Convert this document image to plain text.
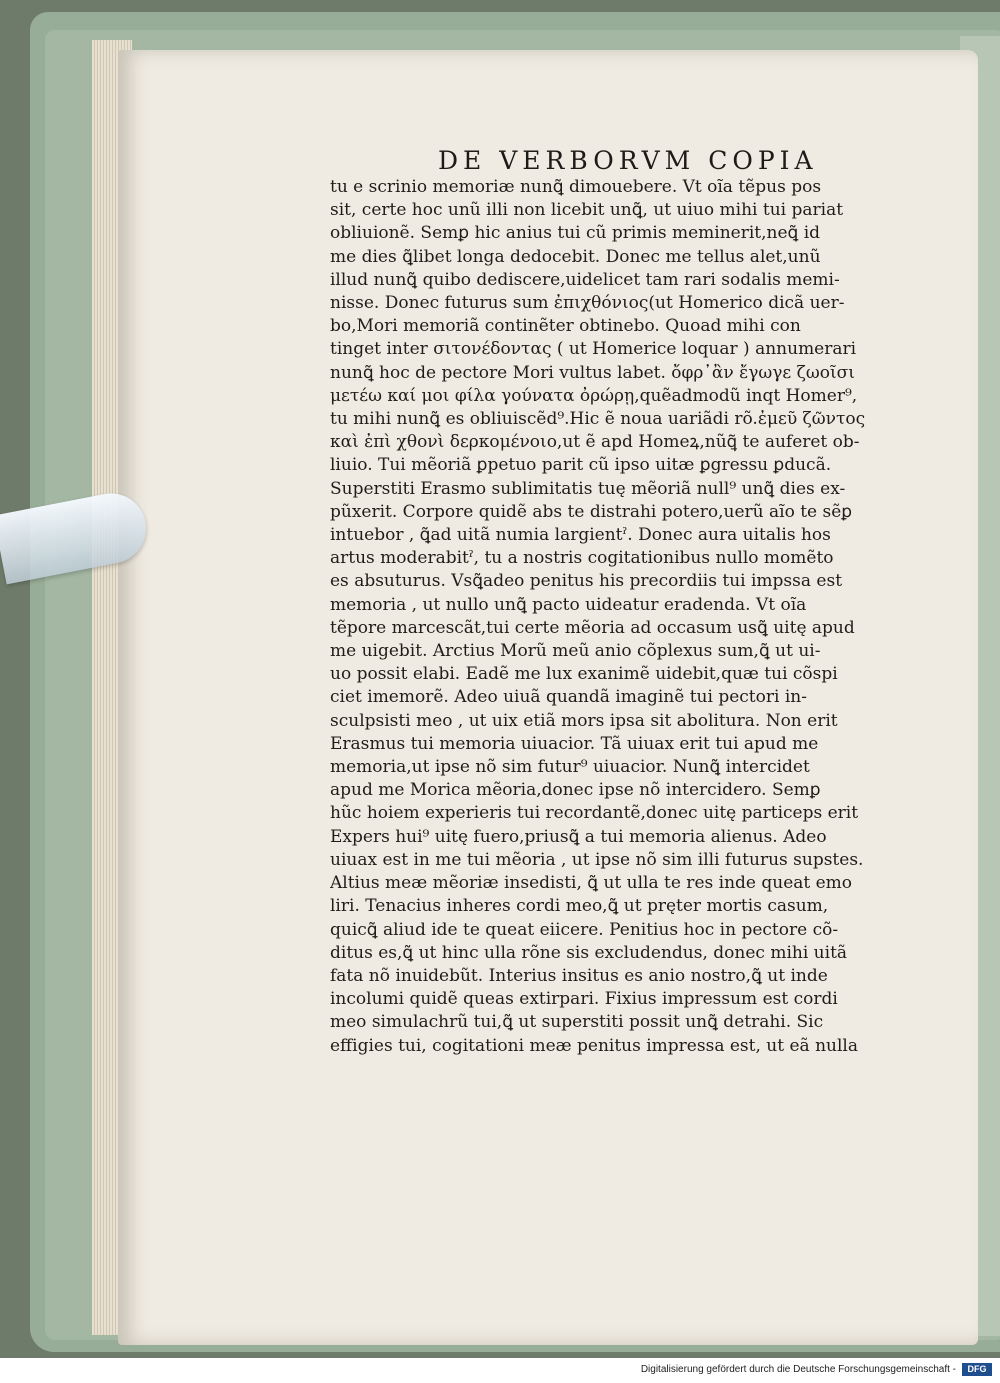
DE VERBORVM COPIA
tu e scrinio memoriæ nunꝗ̃ dimouebere. Vt oĩa tẽpus pos
sit, certe hoc unũ illi non licebit unꝗ̃, ut uiuo mihi tui pariat
obliuionẽ. Semꝑ hic anius tui cũ primis meminerit,neꝗ̃ id
me dies ꝗ̃libet longa dedocebit. Donec me tellus alet,unũ
illud nunꝗ̃ quibo dediscere,uidelicet tam rari sodalis memi-
nisse. Donec futurus sum ἐπιχθόνιος(ut Homerico dicã uer-
bo,Mori memoriã continẽter obtinebo. Quoad mihi con
tinget inter σιτονέδοντας ( ut Homerice loquar ) annumerari
nunꝗ̃ hoc de pectore Mori vultus labet. ὄφρ᾽ἂν ἔγωγε ζωοῖσι
μετέω καί μοι φίλα γούνατα ὀρώρῃ,quẽadmodũ inqt Homer⁹,
tu mihi nunꝗ̃ es obliuiscẽd⁹.Hic ẽ noua uariãdi rõ.ἐμεῦ ζῶντος
καὶ ἐπὶ χθονὶ δερκομένοιο,ut ẽ apd Homeꝝ,nũꝗ̃ te auferet ob-
liuio. Tui mẽoriã ꝑpetuo parit cũ ipso uitæ ꝑgressu ꝑducã.
Superstiti Erasmo sublimitatis tuę mẽoriã null⁹ unꝗ̃ dies ex-
pũxerit. Corpore quidẽ abs te distrahi potero,uerũ aĩo te sẽꝑ
intuebor , ꝗ̃ad uitã numia largientˀ. Donec aura uitalis hos
artus moderabitˀ, tu a nostris cogitationibus nullo momẽto
es absuturus. Vsꝗ̃adeo penitus his precordiis tui impssa est
memoria , ut nullo unꝗ̃ pacto uideatur eradenda. Vt oĩa
tẽpore marcescãt,tui certe mẽoria ad occasum usꝗ̃ uitę apud
me uigebit. Arctius Morũ meũ anio cõplexus sum,ꝗ̃ ut ui-
uo possit elabi. Eadẽ me lux exanimẽ uidebit,quæ tui cõspi
ciet imemorẽ. Adeo uiuã quandã imaginẽ tui pectori in-
sculpsisti meo , ut uix etiã mors ipsa sit abolitura. Non erit
Erasmus tui memoria uiuacior. Tã uiuax erit tui apud me
memoria,ut ipse nõ sim futur⁹ uiuacior. Nunꝗ̃ intercidet
apud me Morica mẽoria,donec ipse nõ intercidero. Semꝑ
hũc hoiem experieris tui recordantẽ,donec uitę particeps erit
Expers hui⁹ uitę fuero,priusꝗ̃ a tui memoria alienus. Adeo
uiuax est in me tui mẽoria , ut ipse nõ sim illi futurus supstes.
Altius meæ mẽoriæ insedisti, ꝗ̃ ut ulla te res inde queat emo
liri. Tenacius inheres cordi meo,ꝗ̃ ut pręter mortis casum,
quicꝗ̃ aliud ide te queat eiicere. Penitius hoc in pectore cõ-
ditus es,ꝗ̃ ut hinc ulla rõne sis excludendus, donec mihi uitã
fata nõ inuidebũt. Interius insitus es anio nostro,ꝗ̃ ut inde
incolumi quidẽ queas extirpari. Fixius impressum est cordi
meo simulachrũ tui,ꝗ̃ ut superstiti possit unꝗ̃ detrahi. Sic
effigies tui, cogitationi meæ penitus impressa est, ut eã nulla
Digitalisierung gefördert durch die Deutsche Forschungsgemeinschaft -	DFG
